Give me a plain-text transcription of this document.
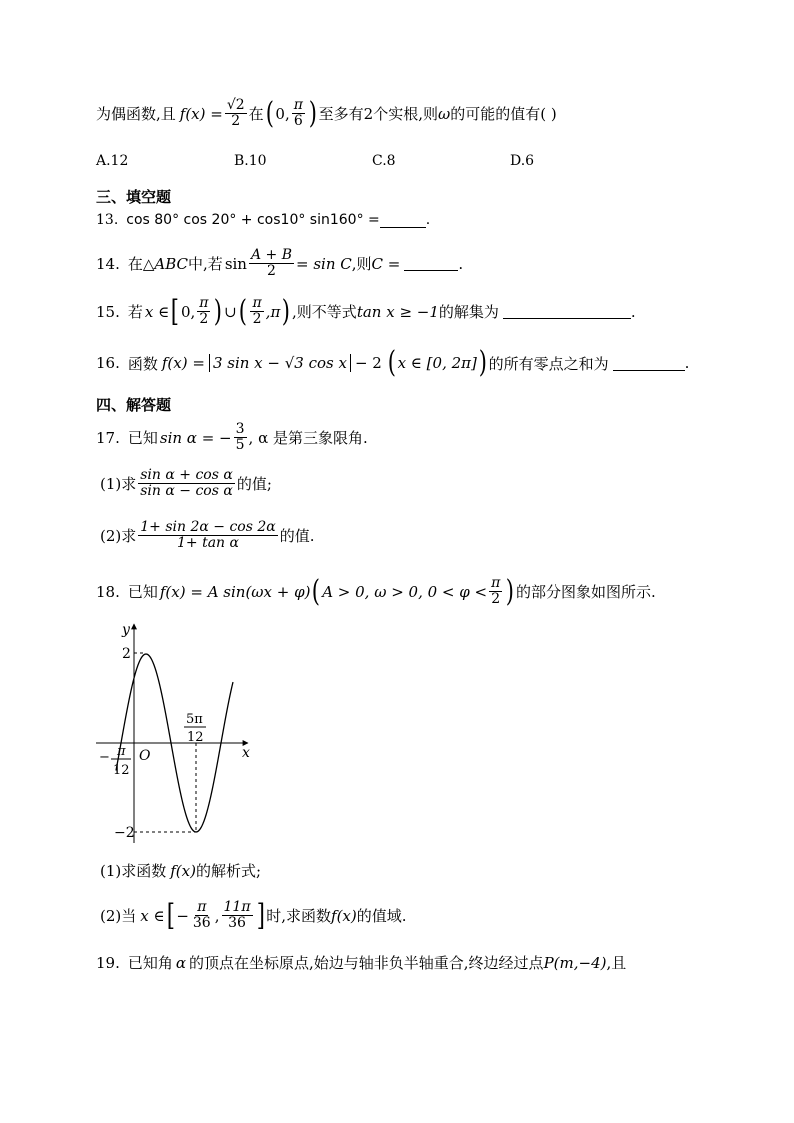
为偶函数,且 $f(x) = \frac{√2}{2}$ 在 ( 0, $\frac{\pi}{6}$ ) 至多有 2 个实根,则 ω 的可能的值有( )
A.12	B.10	C.8	D.6
三、填空题
13. cos 80° cos 20° + cos10° sin160° =	.
14. 在 △ABC 中,若 $\sin \frac{A + B}{2} = \sin C$ ,则 C =	.
15. 若 x ∈ [ 0, $\frac{\pi}{2}$ ) ∪ ( $\frac{\pi}{2} ,\pi$ ) ,则不等式 tan x ≥ −1 的解集为	.
16. 函数 f(x) = 3 sin x − √3 cos x − 2 ( x ∈ [0, 2π] ) 的所有零点之和为	.
四、解答题
17. 已知 sin α = − $\frac{3}{5}$ , α 是第三象限角.
(1)求 $\frac{\text{sin α + cos α}}{\text{sin α − cos α}}$ 的值;
(2)求 $\frac{1+ \sin 2\alpha - \cos 2\alpha}{\text{1+ tan α}}$ 的值.
18. 已知 f(x) = A sin(ωx + φ) ( A > 0, ω > 0, $0 < \varphi < \frac{\pi}{2}$ ) 的部分图象如图所示.
y
x
O
2
−2
− π
12
5π
12
(1)求函数 f(x) 的解析式;
(2)当 x ∈ [ − $\frac{\pi}{36}$ , $\frac{11\pi}{36}$ ] 时,求函数 f(x) 的值域.
19. 已知角 α 的顶点在坐标原点,始边与轴非负半轴重合,终边经过点 P(m,−4) ,且
